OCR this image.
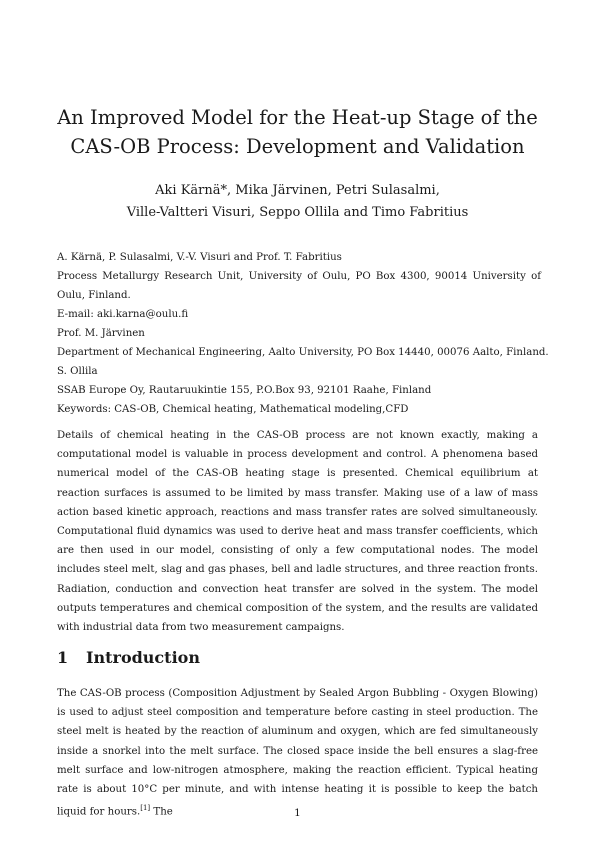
An Improved Model for the Heat-up Stage of the
CAS-OB Process: Development and Validation
Aki Kärnä*, Mika Järvinen, Petri Sulasalmi,
Ville-Valtteri Visuri, Seppo Ollila and Timo Fabritius
A. Kärnä, P. Sulasalmi, V.-V. Visuri and Prof. T. Fabritius
Process Metallurgy Research Unit, University of Oulu, PO Box 4300, 90014 University of Oulu, Finland.
E-mail: aki.karna@oulu.fi
Prof. M. Järvinen
Department of Mechanical Engineering, Aalto University, PO Box 14440, 00076 Aalto, Finland.
S. Ollila
SSAB Europe Oy, Rautaruukintie 155, P.O.Box 93, 92101 Raahe, Finland
Keywords: CAS-OB, Chemical heating, Mathematical modeling,CFD
Details of chemical heating in the CAS-OB process are not known exactly, making a computational model is valuable in process development and control. A phenomena based numerical model of the CAS-OB heating stage is presented. Chemical equilibrium at reaction surfaces is assumed to be limited by mass transfer. Making use of a law of mass action based kinetic approach, reactions and mass transfer rates are solved simultaneously. Computational fluid dynamics was used to derive heat and mass transfer coefficients, which are then used in our model, consisting of only a few computational nodes. The model includes steel melt, slag and gas phases, bell and ladle structures, and three reaction fronts. Radiation, conduction and convection heat transfer are solved in the system. The model outputs temperatures and chemical composition of the system, and the results are validated with industrial data from two measurement campaigns.
1 Introduction
The CAS-OB process (Composition Adjustment by Sealed Argon Bubbling - Oxygen Blowing) is used to adjust steel composition and temperature before casting in steel production. The steel melt is heated by the reaction of aluminum and oxygen, which are fed simultaneously inside a snorkel into the melt surface. The closed space inside the bell ensures a slag-free melt surface and low-nitrogen atmosphere, making the reaction efficient. Typical heating rate is about 10°C per minute, and with intense heating it is possible to keep the batch liquid for hours.[1] The	1
